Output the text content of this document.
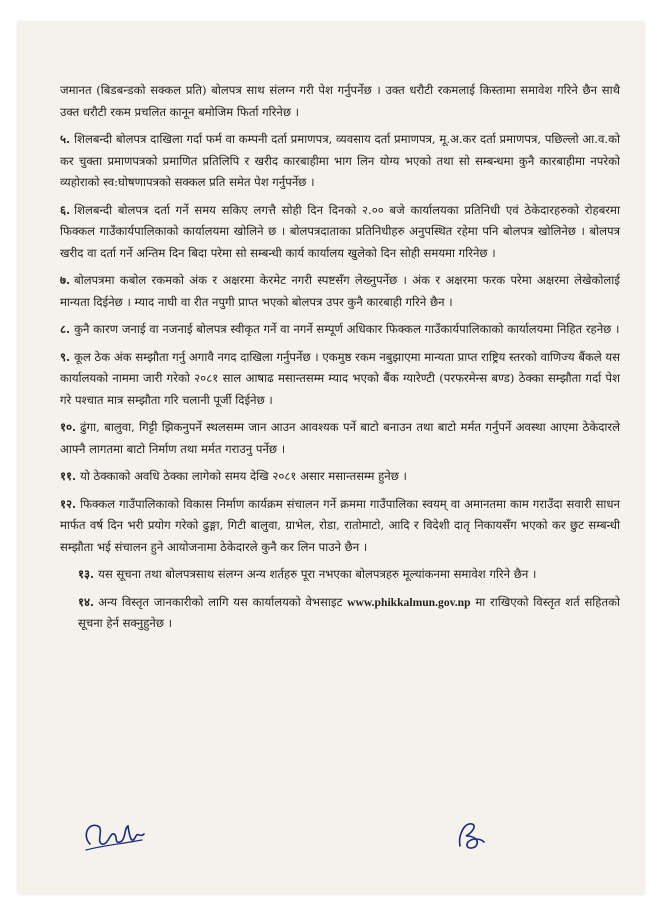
जमानत (बिडबन्डको सक्कल प्रति) बोलपत्र साथ संलग्न गरी पेश गर्नुपर्नेछ । उक्त धरौटी रकमलाई किस्तामा समावेश गरिने छैन साथै उक्त धरौटी रकम प्रचलित कानून बमोजिम फिर्ता गरिनेछ ।

५. शिलबन्दी बोलपत्र दाखिला गर्दा फर्म वा कम्पनी दर्ता प्रमाणपत्र, व्यवसाय दर्ता प्रमाणपत्र, मू.अ.कर दर्ता प्रमाणपत्र, पछिल्लो आ.व.को कर चुक्ता प्रमाणपत्रको प्रमाणित प्रतिलिपि र खरीद कारबाहीमा भाग लिन योग्य भएको तथा सो सम्बन्धमा कुनै कारबाहीमा नपरेको व्यहोराको स्व:घोषणापत्रको सक्कल प्रति समेत पेश गर्नुपर्नेछ ।

६. शिलबन्दी बोलपत्र दर्ता गर्ने समय सकिए लगत्तै सोही दिन दिनको २.०० बजे कार्यालयका प्रतिनिधी एवं ठेकेदारहरुको रोहबरमा फिक्कल गाउँकार्यपालिकाको कार्यालयमा खोलिने छ । बोलपत्रदाताका प्रतिनिधीहरु अनुपस्थित रहेमा पनि बोलपत्र खोलिनेछ । बोलपत्र खरीद वा दर्ता गर्ने अन्तिम दिन बिदा परेमा सो सम्बन्धी कार्य कार्यालय खुलेको दिन सोही समयमा गरिनेछ ।

७. बोलपत्रमा कबोल रकमको अंक र अक्षरमा केरमेट नगरी स्पष्टसँग लेख्नुपर्नेछ । अंक र अक्षरमा फरक परेमा अक्षरमा लेखेकोलाई मान्यता दिईनेछ । म्याद नाघी वा रीत नपुगी प्राप्त भएको बोलपत्र उपर कुनै कारबाही गरिने छैन ।

८. कुनै कारण जनाई वा नजनाई बोलपत्र स्वीकृत गर्ने वा नगर्ने सम्पूर्ण अधिकार फिक्कल गाउँकार्यपालिकाको कार्यालयमा निहित रहनेछ ।

९. कूल ठेक अंक सम्झौता गर्नु अगावै नगद दाखिला गर्नुपर्नेछ । एकमुष्ठ रकम नबुझाएमा मान्यता प्राप्त राष्ट्रिय स्तरको वाणिज्य बैंकले यस कार्यालयको नाममा जारी गरेको २०८१ साल आषाढ मसान्तसम्म म्याद भएको बैंक ग्यारेण्टी (परफरमेन्स बण्ड) ठेक्का सम्झौता गर्दा पेश गरे पश्चात मात्र सम्झौता गरि चलानी पूर्जी दिईनेछ ।

१०. ढुंगा, बालुवा, गिट्टी झिकनुपर्ने स्थलसम्म जान आउन आवश्यक पर्ने बाटो बनाउन तथा बाटो मर्मत गर्नुपर्ने अवस्था आएमा ठेकेदारले आफ्नै लागतमा बाटो निर्माण तथा मर्मत गराउनु पर्नेछ ।

११. यो ठेक्काको अवधि ठेक्का लागेको समय देखि २०८१ असार मसान्तसम्म हुनेछ ।

१२. फिक्कल गाउँपालिकाको विकास निर्माण कार्यक्रम संचालन गर्ने क्रममा गाउँपालिका स्वयम् वा अमानतमा काम गराउँदा सवारी साधन मार्फत वर्ष दिन भरी प्रयोग गरेको ढुङ्गा, गिटी बालुवा, ग्राभेल, रोडा, रातोमाटो, आदि र विदेशी दातृ निकायसँग भएको कर छुट सम्बन्धी सम्झौता भई संचालन हुने आयोजनामा ठेकेदारले कुनै कर लिन पाउने छैन ।

१३. यस सूचना तथा बोलपत्रसाथ संलग्न अन्य शर्तहरु पूरा नभएका बोलपत्रहरु मूल्यांकनमा समावेश गरिने छैन ।

१४. अन्य विस्तृत जानकारीको लागि यस कार्यालयको वेभसाइट www.phikkalmun.gov.np मा राखिएको विस्तृत शर्त सहितको सूचना हेर्न सक्नुहुनेछ ।
